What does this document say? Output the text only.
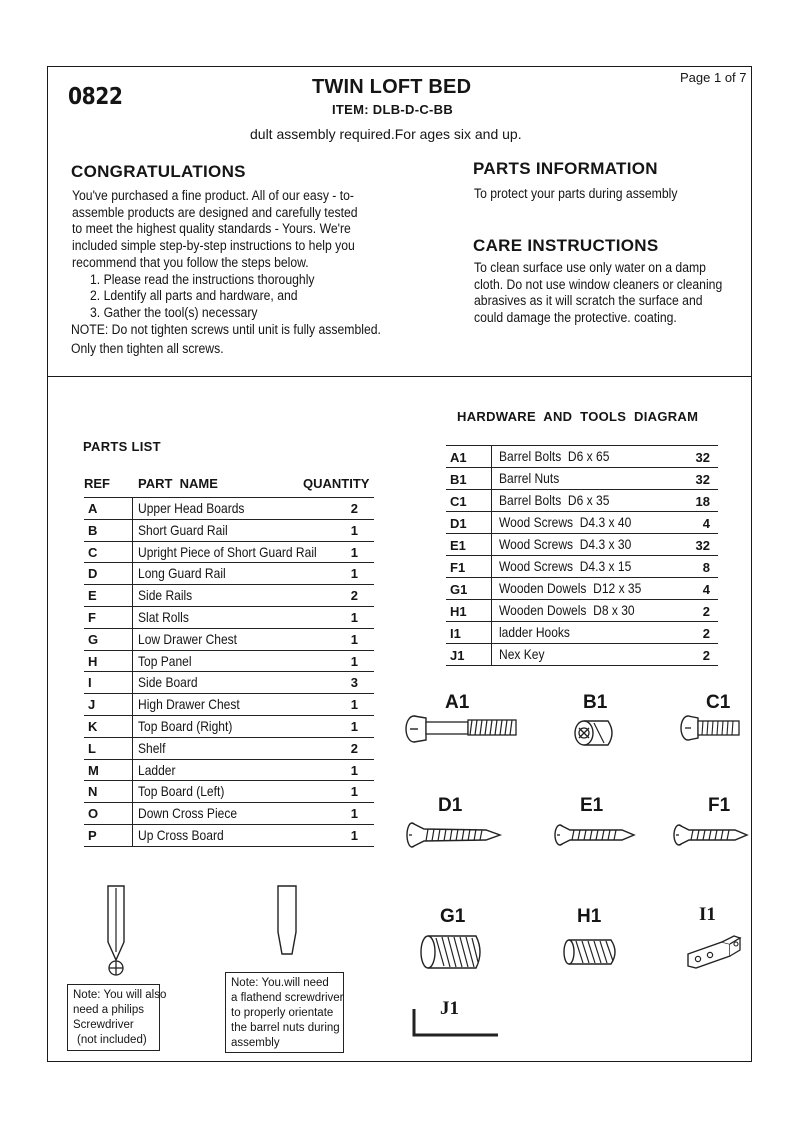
0822	TWIN LOFT BED
ITEM: DLB-D-C-BB
Page 1 of 7
dult assembly required.For ages six and up.
CONGRATULATIONS
You've purchased a fine product. All of our easy - to-
assemble products are designed and carefully tested
to meet the highest quality standards - Yours. We're
included simple step-by-step instructions to help you
recommend that you follow the steps below.
1. Please read the instructions thoroughly
2. Ldentify all parts and hardware, and
3. Gather the tool(s) necessary
NOTE: Do not tighten screws until unit is fully assembled.
Only then tighten all screws.
PARTS INFORMATION
To protect your parts during assembly
CARE INSTRUCTIONS
To clean surface use only water on a damp
cloth. Do not use window cleaners or cleaning
abrasives as it will scratch the surface and
could damage the protective. coating.
PARTS LIST
REF PART  NAME	QUANTITY
A	Upper Head Boards	2
B	Short Guard Rail	1
C	Upright Piece of Short Guard Rail	1
D	Long Guard Rail	1
E	Side Rails	2
F	Slat Rolls	1
G	Low Drawer Chest	1
H	Top Panel	1
I	Side Board	3
J	High Drawer Chest	1
K	Top Board (Right)	1
L	Shelf	2
M	Ladder	1
N	Top Board (Left)	1
O	Down Cross Piece	1
P	Up Cross Board	1
HARDWARE  AND  TOOLS  DIAGRAM
A1 Barrel Bolts  D6 x 65	32
B1 Barrel Nuts	32
C1 Barrel Bolts  D6 x 35	18
D1 Wood Screws  D4.3 x 40	4
E1 Wood Screws  D4.3 x 30	32
F1 Wood Screws  D4.3 x 15	8
G1 Wooden Dowels  D12 x 35	4
H1 Wooden Dowels  D8 x 30	2
I1	ladder Hooks	2
J1 Nex Key	2
A1	B1	C1
D1	E1	F1
G1	H1	I1
J1
Note: You will also
need a philips
Screwdriver
(not included)
Note: You.will need
a flathend screwdriver
to properly orientate
the barrel nuts during
assembly
